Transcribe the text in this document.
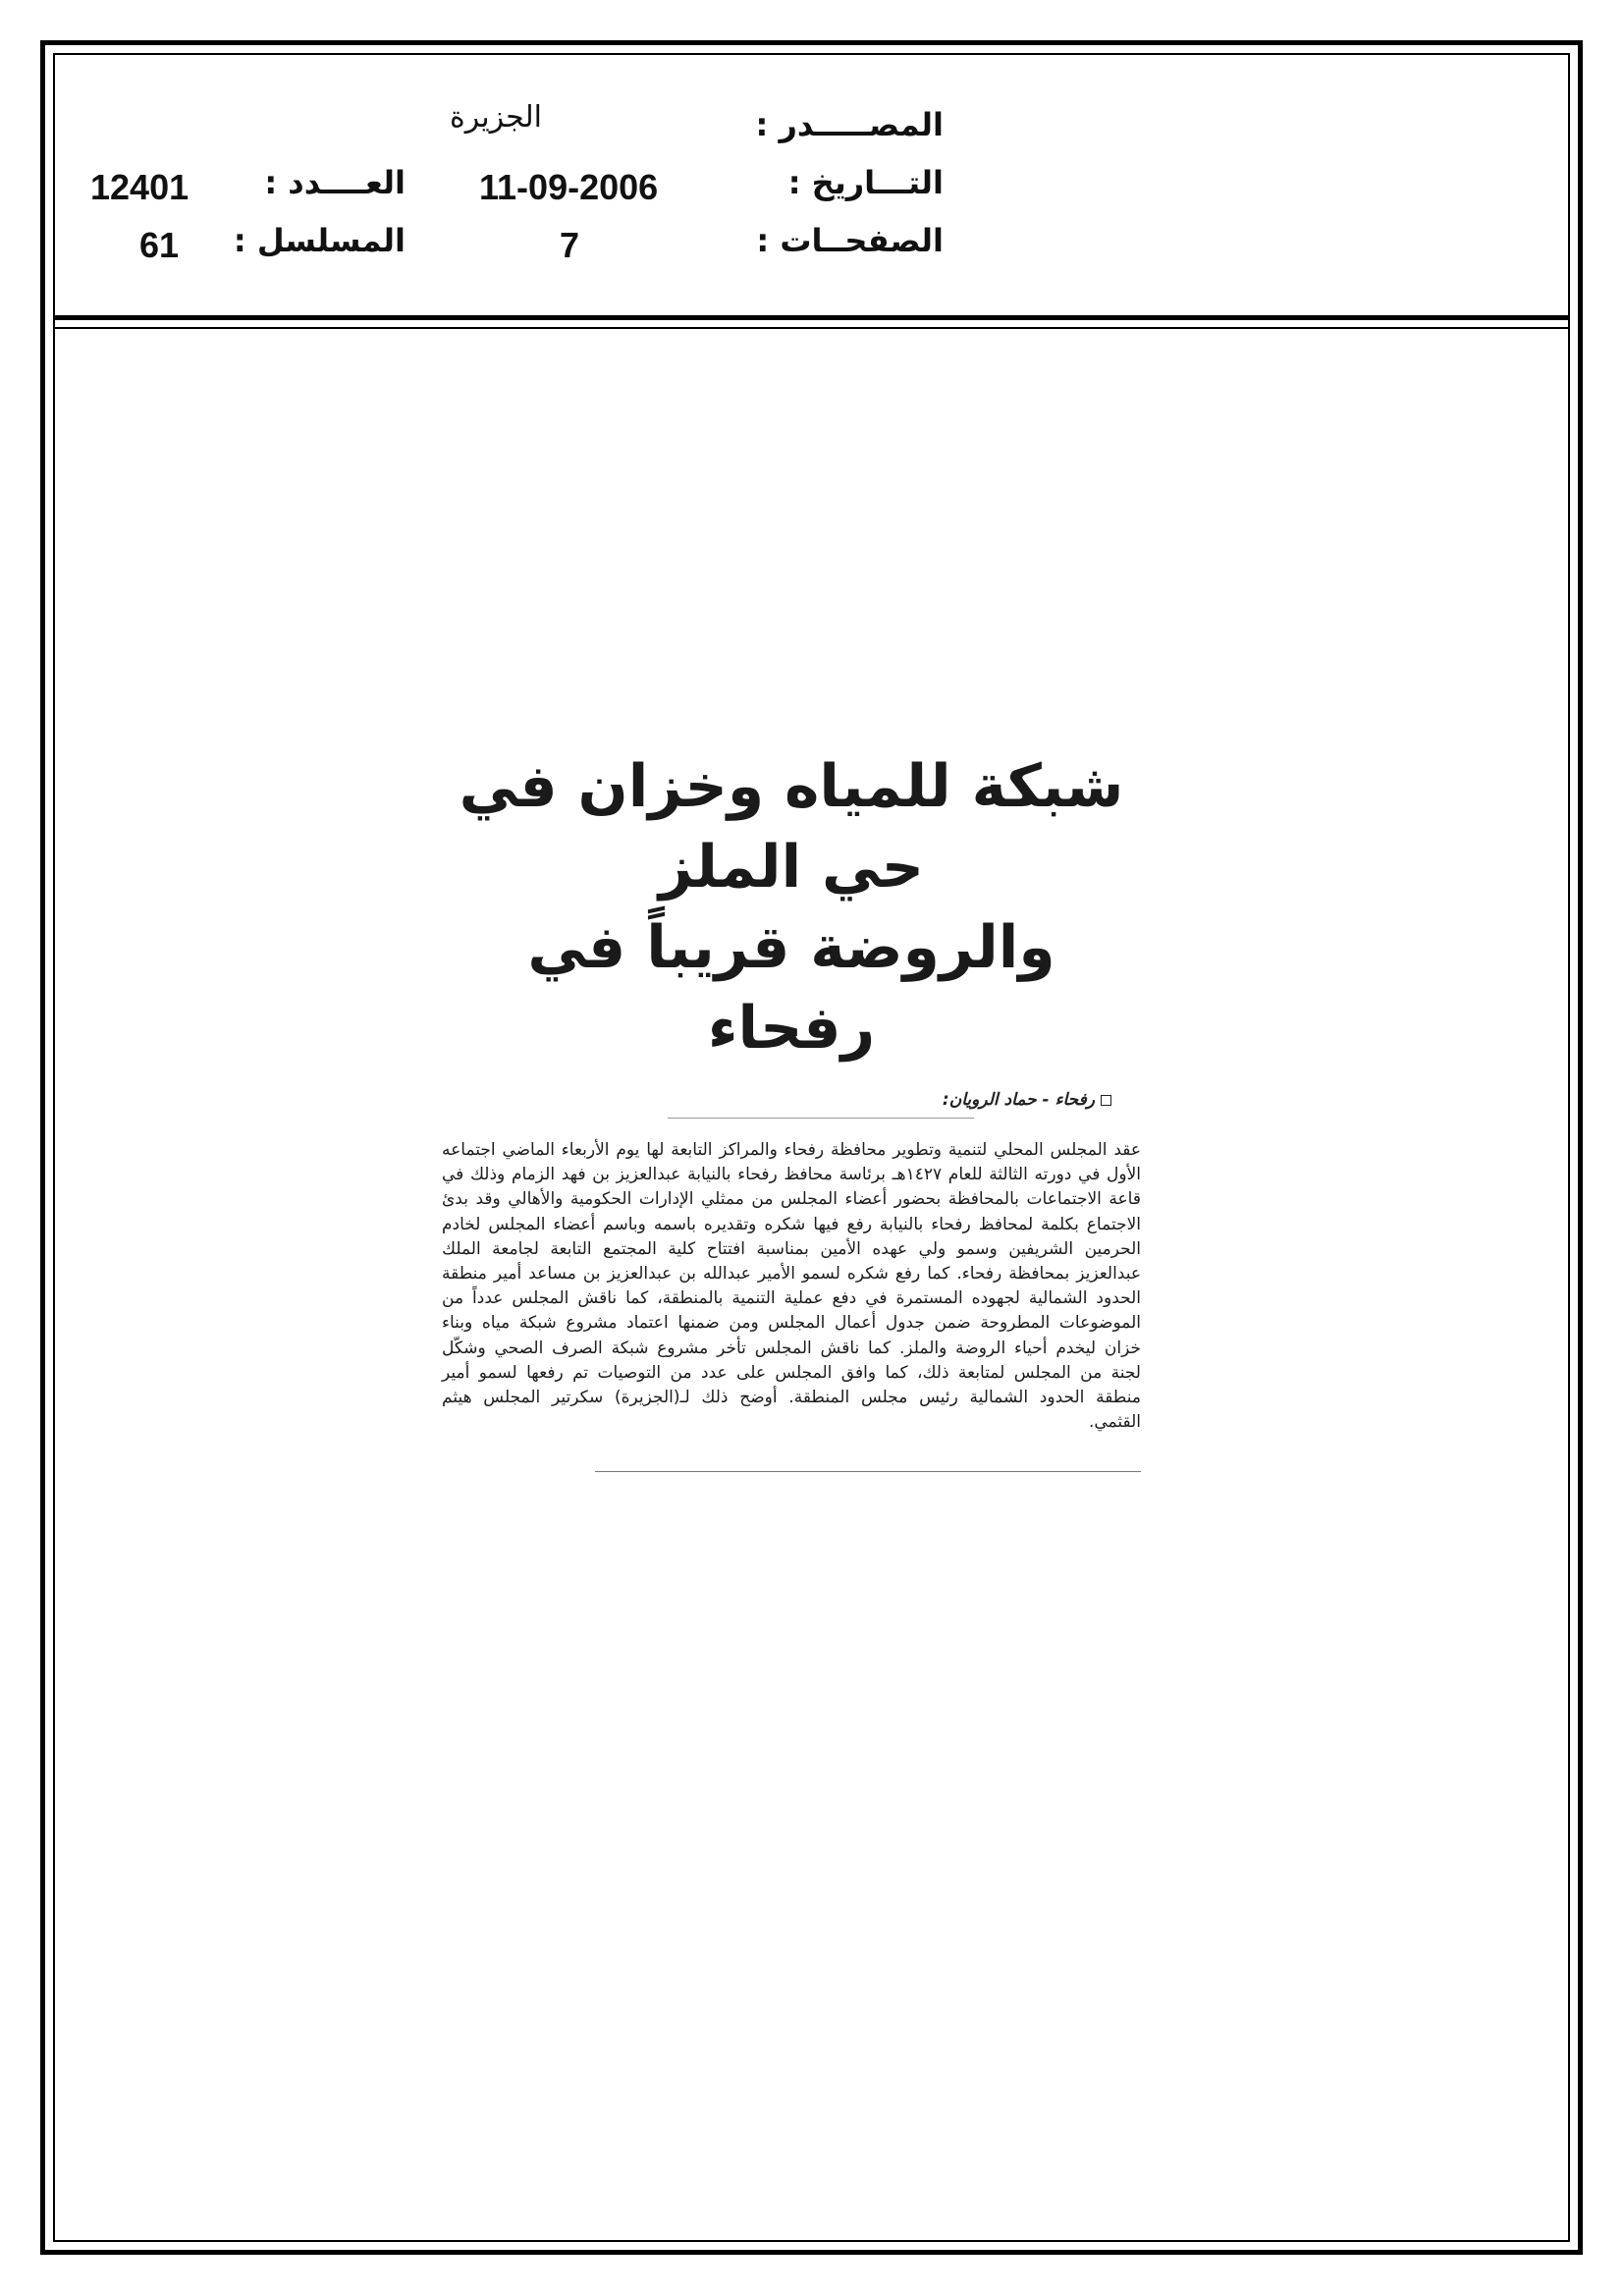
المصـــــدر :
التـــاريخ :
الصفحــات :
الجزيرة
11-09-2006
7
العــــدد :
المسلسل :
12401
61
شبكة للمياه وخزان في حي الملز
والروضة قريباً في رفحاء
رفحاء - حماد الرويان:

عقد المجلس المحلي لتنمية وتطوير محافظة رفحاء والمراكز التابعة لها يوم الأربعاء الماضي اجتماعه الأول في دورته الثالثة للعام ١٤٢٧هـ برئاسة محافظ رفحاء بالنيابة عبدالعزيز بن فهد الزمام وذلك في قاعة الاجتماعات بالمحافظة بحضور أعضاء المجلس من ممثلي الإدارات الحكومية والأهالي وقد بدئ الاجتماع بكلمة لمحافظ رفحاء بالنيابة رفع فيها شكره وتقديره باسمه وباسم أعضاء المجلس لخادم الحرمين الشريفين وسمو ولي عهده الأمين بمناسبة افتتاح كلية المجتمع التابعة لجامعة الملك عبدالعزيز بمحافظة رفحاء. كما رفع شكره لسمو الأمير عبدالله بن عبدالعزيز بن مساعد أمير منطقة الحدود الشمالية لجهوده المستمرة في دفع عملية التنمية بالمنطقة، كما ناقش المجلس عدداً من الموضوعات المطروحة ضمن جدول أعمال المجلس ومن ضمنها اعتماد مشروع شبكة مياه وبناء خزان ليخدم أحياء الروضة والملز. كما ناقش المجلس تأخر مشروع شبكة الصرف الصحي وشكّل لجنة من المجلس لمتابعة ذلك، كما وافق المجلس على عدد من التوصيات تم رفعها لسمو أمير منطقة الحدود الشمالية رئيس مجلس المنطقة. أوضح ذلك لـ(الجزيرة) سكرتير المجلس هيثم القثمي.
